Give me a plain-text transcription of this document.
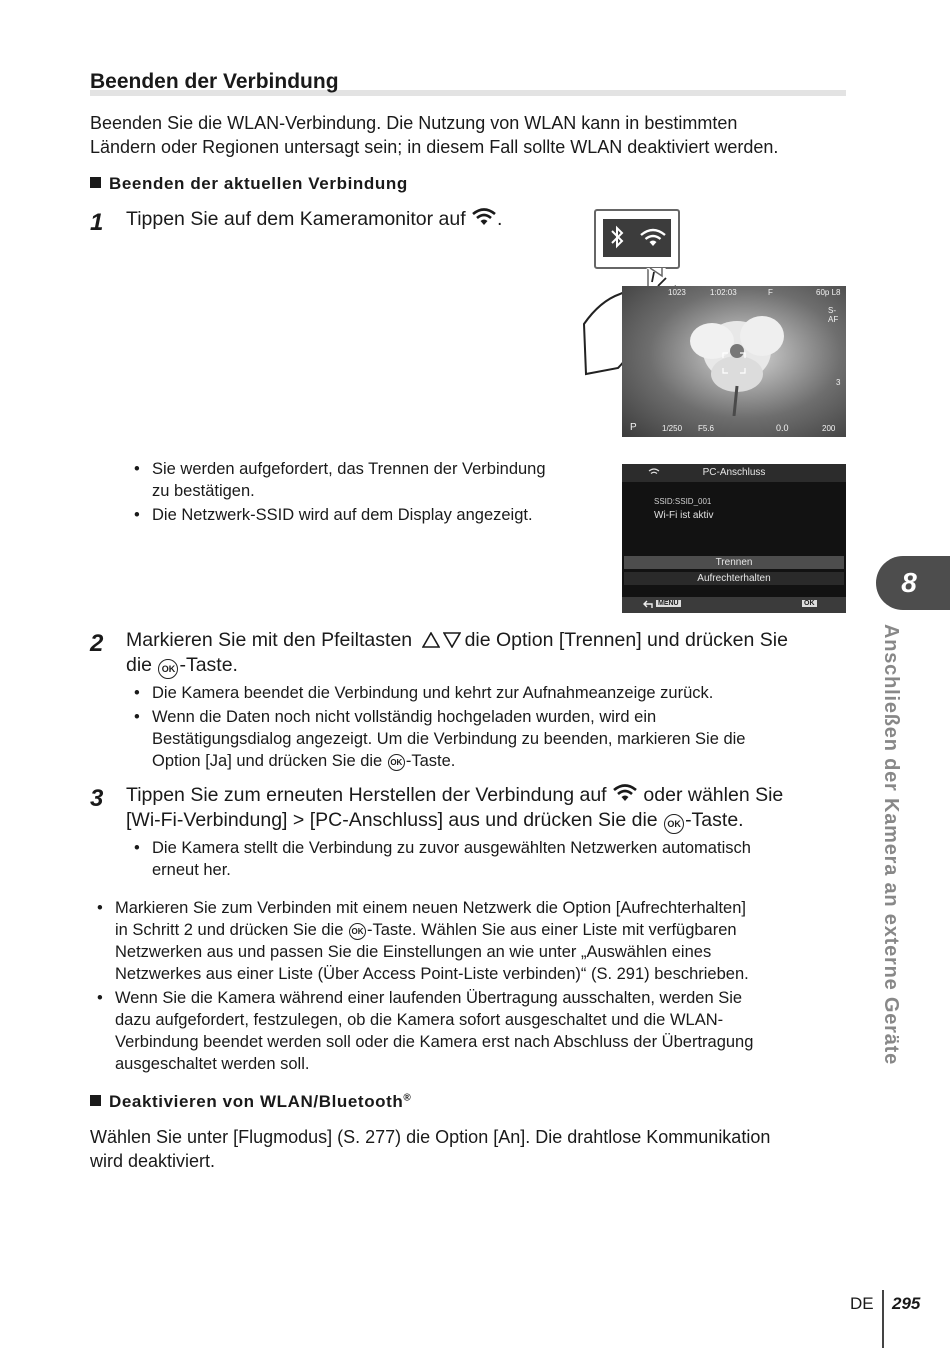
Beenden der Verbindung
Beenden Sie die WLAN-Verbindung. Die Nutzung von WLAN kann in bestimmten
Ländern oder Regionen untersagt sein; in diesem Fall sollte WLAN deaktiviert werden.
Beenden der aktuellen Verbindung
1 Tippen Sie auf dem Kameramonitor auf .
1023	1:02:03	F	60p L8
S-AF
3
P	1/250 F5.6	0.0	200
• Sie werden aufgefordert, das Trennen der Verbindung
zu bestätigen.
• Die Netzwerk-SSID wird auf dem Display angezeigt.
PC-Anschluss
SSID:SSID_001
Wi-Fi ist aktiv
Trennen
Aufrechterhalten
MENU	OK
2 Markieren Sie mit den Pfeiltasten	die Option [Trennen] und drücken Sie
die OK -Taste.
• Die Kamera beendet die Verbindung und kehrt zur Aufnahmeanzeige zurück.
• Wenn die Daten noch nicht vollständig hochgeladen wurden, wird ein
Bestätigungsdialog angezeigt. Um die Verbindung zu beenden, markieren Sie die
Option [Ja] und drücken Sie die OK -Taste.
3 Tippen Sie zum erneuten Herstellen der Verbindung auf oder wählen Sie
[Wi-Fi-Verbindung] > [PC-Anschluss] aus und drücken Sie die OK -Taste.
• Die Kamera stellt die Verbindung zu zuvor ausgewählten Netzwerken automatisch
erneut her.
• Markieren Sie zum Verbinden mit einem neuen Netzwerk die Option [Aufrechterhalten]
in Schritt 2 und drücken Sie die OK -Taste. Wählen Sie aus einer Liste mit verfügbaren
Netzwerken aus und passen Sie die Einstellungen an wie unter „Auswählen eines
Netzwerkes aus einer Liste (Über Access Point-Liste verbinden)“ (S. 291) beschrieben.
• Wenn Sie die Kamera während einer laufenden Übertragung ausschalten, werden Sie
dazu aufgefordert, festzulegen, ob die Kamera sofort ausgeschaltet und die WLAN-
Verbindung beendet werden soll oder die Kamera erst nach Abschluss der Übertragung
ausgeschaltet werden soll.
Deaktivieren von WLAN/Bluetooth®
Wählen Sie unter [Flugmodus] (S. 277) die Option [An]. Die drahtlose Kommunikation
wird deaktiviert.
8
Anschließen der Kamera an externe Geräte
DE 295
